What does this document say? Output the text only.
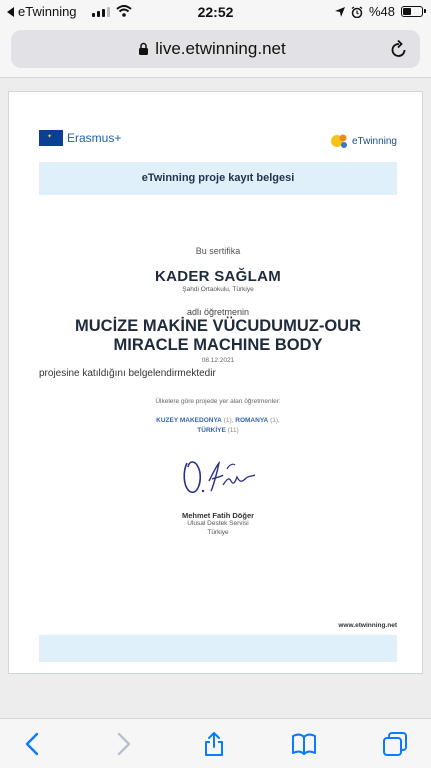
eTwinning	22:52	%48
live.etwinning.net
✦ Erasmus+	eTwinning
eTwinning proje kayıt belgesi
Bu sertifika
KADER SAĞLAM
Şahdi Ortaokulu, Türkiye
adlı öğretmenin
MUCİZE MAKİNE VÜCUDUMUZ-OUR MIRACLE MACHINE BODY
08.12.2021
projesine katıldığını belgelendirmektedir
Ülkelere göre projede yer alan öğretmenler:
KUZEY MAKEDONYA (1), ROMANYA (1),
TÜRKİYE (11)
Mehmet Fatih Döğer
Ulusal Destek Servisi
Türkiye
www.etwinning.net
